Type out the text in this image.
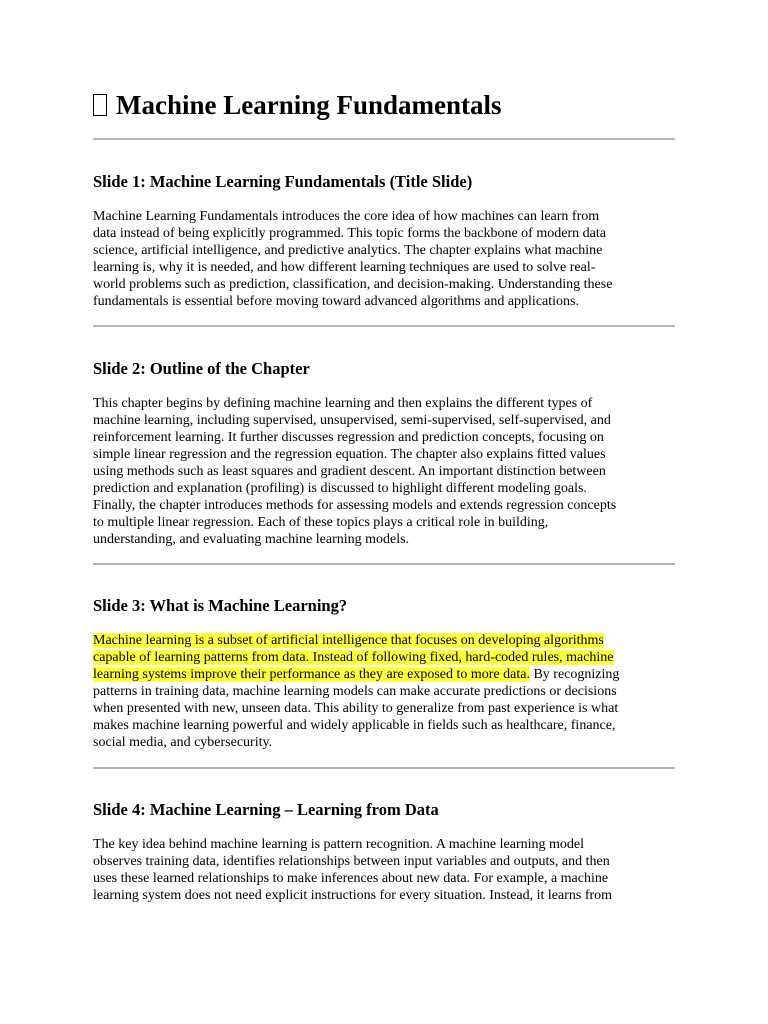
Machine Learning Fundamentals
Slide 1: Machine Learning Fundamentals (Title Slide)

Machine Learning Fundamentals introduces the core idea of how machines can learn from
data instead of being explicitly programmed. This topic forms the backbone of modern data
science, artificial intelligence, and predictive analytics. The chapter explains what machine
learning is, why it is needed, and how different learning techniques are used to solve real-
world problems such as prediction, classification, and decision-making. Understanding these
fundamentals is essential before moving toward advanced algorithms and applications.

Slide 2: Outline of the Chapter

This chapter begins by defining machine learning and then explains the different types of
machine learning, including supervised, unsupervised, semi-supervised, self-supervised, and
reinforcement learning. It further discusses regression and prediction concepts, focusing on
simple linear regression and the regression equation. The chapter also explains fitted values
using methods such as least squares and gradient descent. An important distinction between
prediction and explanation (profiling) is discussed to highlight different modeling goals.
Finally, the chapter introduces methods for assessing models and extends regression concepts
to multiple linear regression. Each of these topics plays a critical role in building,
understanding, and evaluating machine learning models.

Slide 3: What is Machine Learning?

Machine learning is a subset of artificial intelligence that focuses on developing algorithms
capable of learning patterns from data. Instead of following fixed, hard-coded rules, machine
learning systems improve their performance as they are exposed to more data. By recognizing
patterns in training data, machine learning models can make accurate predictions or decisions
when presented with new, unseen data. This ability to generalize from past experience is what
makes machine learning powerful and widely applicable in fields such as healthcare, finance,
social media, and cybersecurity.

Slide 4: Machine Learning – Learning from Data

The key idea behind machine learning is pattern recognition. A machine learning model
observes training data, identifies relationships between input variables and outputs, and then
uses these learned relationships to make inferences about new data. For example, a machine
learning system does not need explicit instructions for every situation. Instead, it learns from
